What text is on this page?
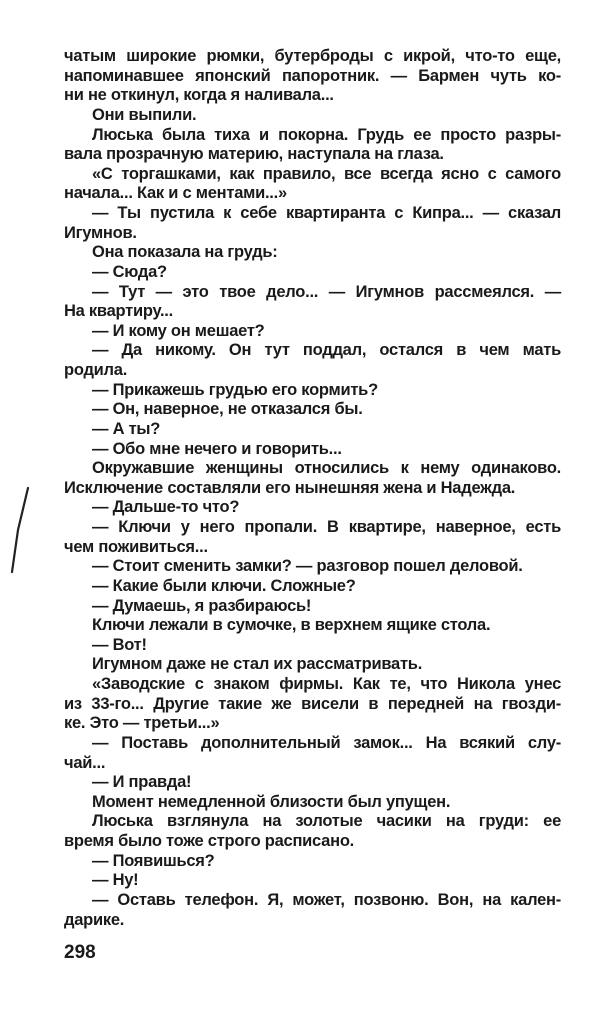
чатым широкие рюмки, бутерброды с икрой, что-то еще,
напоминавшее японский папоротник. — Бармен чуть ко-
ни не откинул, когда я наливала...
Они выпили.
Люська была тиха и покорна. Грудь ее просто разры-
вала прозрачную материю, наступала на глаза.
«С торгашками, как правило, все всегда ясно с самого
начала... Как и с ментами...»
— Ты пустила к себе квартиранта с Кипра... — сказал
Игумнов.
Она показала на грудь:
— Сюда?
— Тут — это твое дело... — Игумнов рассмеялся. —
На квартиру...
— И кому он мешает?
— Да никому. Он тут поддал, остался в чем мать
родила.
— Прикажешь грудью его кормить?
— Он, наверное, не отказался бы.
— А ты?
— Обо мне нечего и говорить...
Окружавшие женщины относились к нему одинаково.
Исключение составляли его нынешняя жена и Надежда.
— Дальше-то что?
— Ключи у него пропали. В квартире, наверное, есть
чем поживиться...
— Стоит сменить замки? — разговор пошел деловой.
— Какие были ключи. Сложные?
— Думаешь, я разбираюсь!
Ключи лежали в сумочке, в верхнем ящике стола.
— Вот!
Игумном даже не стал их рассматривать.
«Заводские с знаком фирмы. Как те, что Никола унес
из 33-го... Другие такие же висели в передней на гвозди-
ке. Это — третьи...»
— Поставь дополнительный замок... На всякий слу-
чай...
— И правда!
Момент немедленной близости был упущен.
Люська взглянула на золотые часики на груди: ее
время было тоже строго расписано.
— Появишься?
— Ну!
— Оставь телефон. Я, может, позвоню. Вон, на кален-
дарике.
298
